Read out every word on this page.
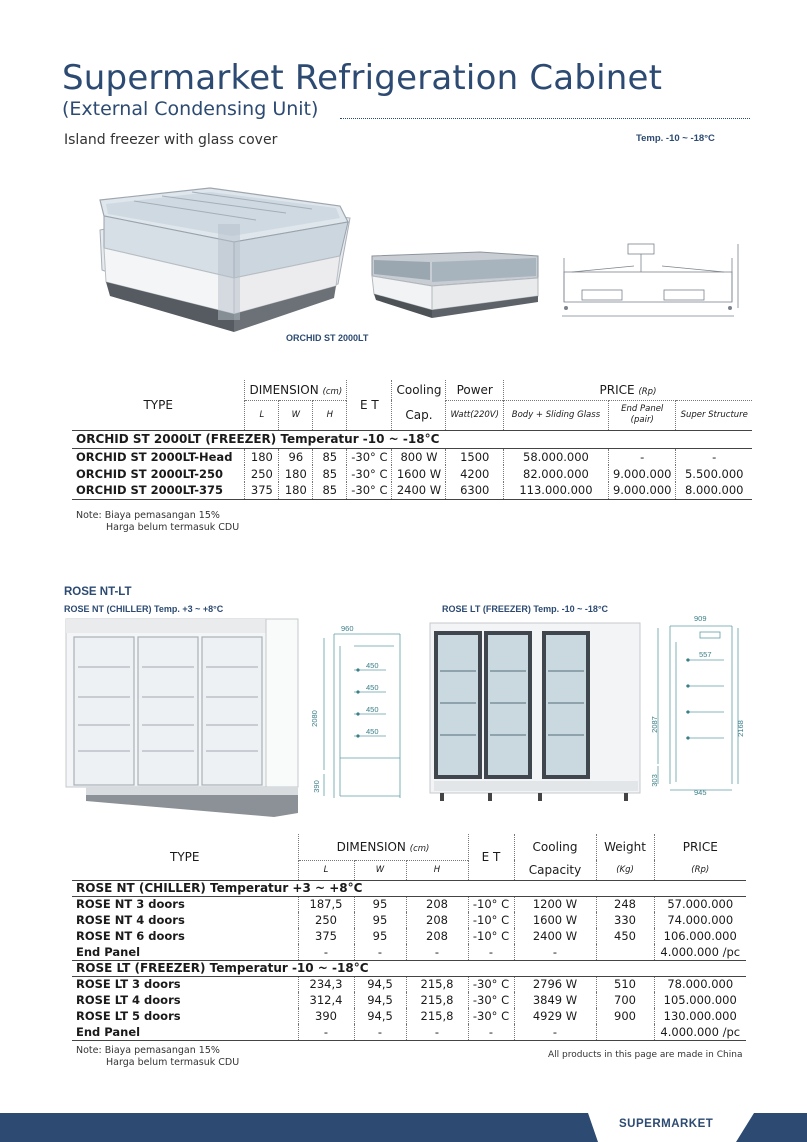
Supermarket Refrigeration Cabinet
(External Condensing Unit)
Island freezer with glass cover	Temp. -10 ~ -18°C
ORCHID ST 2000LT
TYPE	DIMENSION (cm)			E T	Cooling	Power	PRICE (Rp)		
	L	W	H		Cap.	Watt(220V)	Body + Sliding Glass	End Panel (pair)	Super Structure
ORCHID ST 2000LT (FREEZER) Temperatur -10 ~ -18°C									
ORCHID ST 2000LT-Head	180	96	85	-30° C	800 W	1500	58.000.000	-	-
ORCHID ST 2000LT-250	250	180	85	-30° C	1600 W	4200	82.000.000	9.000.000	5.500.000
ORCHID ST 2000LT-375	375	180	85	-30° C	2400 W	6300	113.000.000	9.000.000	8.000.000
Note: Biaya pemasangan 15%
Harga belum termasuk CDU
ROSE NT-LT
ROSE NT (CHILLER) Temp. +3 ~ +8°C	ROSE LT (FREEZER) Temp. -10 ~ -18°C
960
450
450
450
450
2080
390
909
557
2087	2168
303
945
TYPE	DIMENSION (cm)			E T	Cooling	Weight	PRICE
	L	W	H		Capacity	(Kg)	(Rp)
ROSE NT (CHILLER) Temperatur +3 ~ +8°C							
ROSE NT 3 doors	187,5	95	208	-10° C	1200 W	248	57.000.000
ROSE NT 4 doors	250	95	208	-10° C	1600 W	330	74.000.000
ROSE NT 6 doors	375	95	208	-10° C	2400 W	450	106.000.000
End Panel	-	-	-	-	-		4.000.000 /pc
ROSE LT (FREEZER) Temperatur -10 ~ -18°C							
ROSE LT 3 doors	234,3	94,5	215,8	-30° C	2796 W	510	78.000.000
ROSE LT 4 doors	312,4	94,5	215,8	-30° C	3849 W	700	105.000.000
ROSE LT 5 doors	390	94,5	215,8	-30° C	4929 W	900	130.000.000
End Panel	-	-	-	-	-		4.000.000 /pc
Note: Biaya pemasangan 15%
Harga belum termasuk CDU
All products in this page are made in China
SUPERMARKET
